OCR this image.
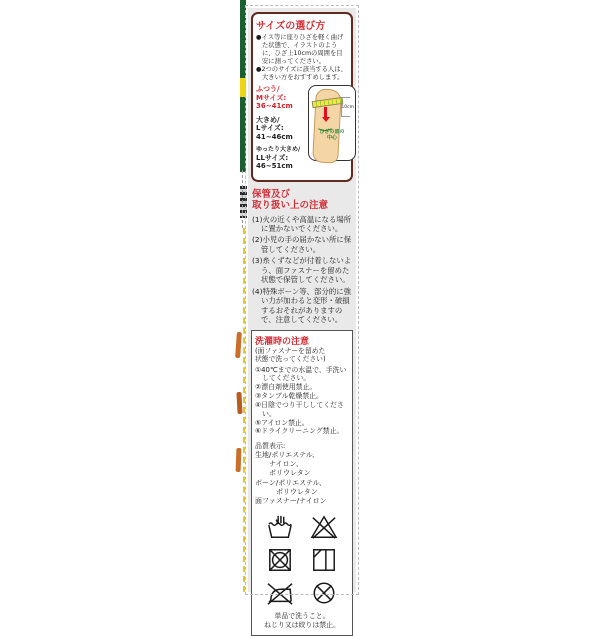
サイズの選び方
●イス等に座りひざを軽く曲げた状態で、イラストのように、ひざ上10cmの周囲を目安に測ってください。
●2つのサイズに該当する人は、大きい方をおすすめします。
ふつう/
Mサイズ:
36~41cm
大きめ/
Lサイズ:
41~46cm
ゆったり大きめ/
LLサイズ:
46~51cm
10cm
ひざの皿の
中心
保管及び
取り扱い上の注意
(1)火の近くや高温になる場所に置かないでください。
(2)小児の手の届かない所に保管してください。
(3)糸くずなどが付着しないよう、面ファスナーを留めた状態で保管してください。
(4)特殊ボーン等、部分的に強い力が加わると変形・破損するおそれがありますので、注意してください。
洗濯時の注意
(面ファスナーを留めた
状態で洗ってください)
①40℃までの水温で、手洗いしてください。
②漂白剤使用禁止。
③タンブル乾燥禁止。
④日陰でつり干ししてください。
⑤アイロン禁止。
⑥ドライクリーニング禁止。
品質表示:
生地/ポリエステル、
　　ナイロン、
　　ポリウレタン
ボーン/ポリエステル、
　　　ポリウレタン
面ファスナー/ナイロン
単品で洗うこと。
ねじり又は絞りは禁止。
